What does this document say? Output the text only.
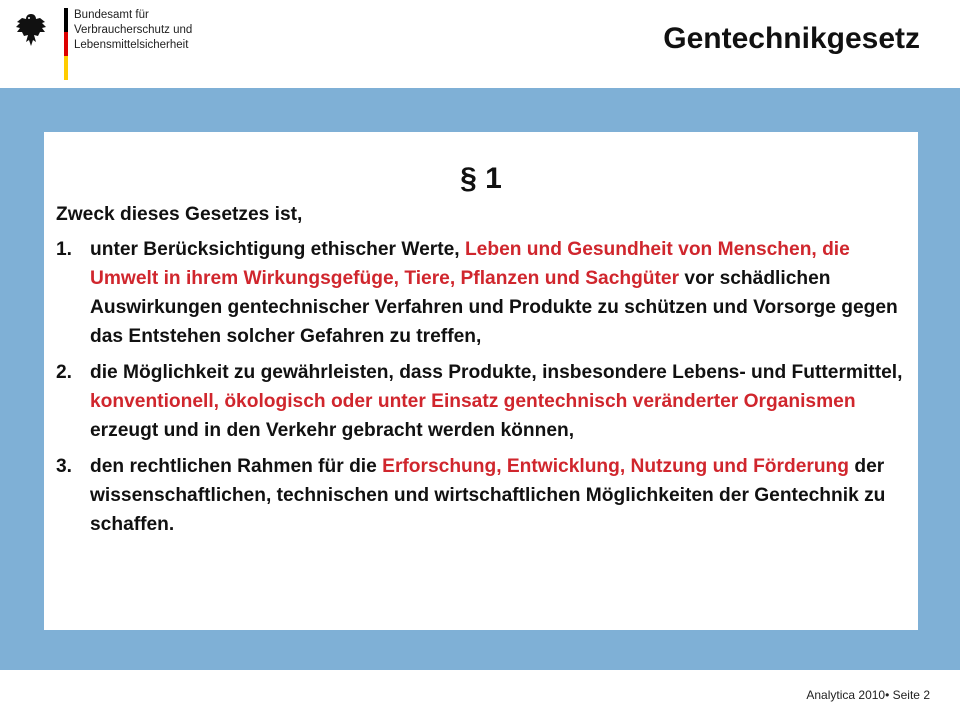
Bundesamt für
Verbraucherschutz und
Lebensmittelsicherheit	Gentechnikgesetz
§ 1
Zweck dieses Gesetzes ist,
1. unter Berücksichtigung ethischer Werte, Leben und Gesundheit von Menschen, die Umwelt in ihrem Wirkungsgefüge, Tiere, Pflanzen und Sachgüter vor schädlichen Auswirkungen gentechnischer Verfahren und Produkte zu schützen und Vorsorge gegen das Entstehen solcher Gefahren zu treffen,
2. die Möglichkeit zu gewährleisten, dass Produkte, insbesondere Lebens- und Futtermittel, konventionell, ökologisch oder unter Einsatz gentechnisch veränderter Organismen erzeugt und in den Verkehr gebracht werden können,
3. den rechtlichen Rahmen für die Erforschung, Entwicklung, Nutzung und Förderung der wissenschaftlichen, technischen und wirtschaftlichen Möglichkeiten der Gentechnik zu schaffen.
Analytica 2010• Seite 2
